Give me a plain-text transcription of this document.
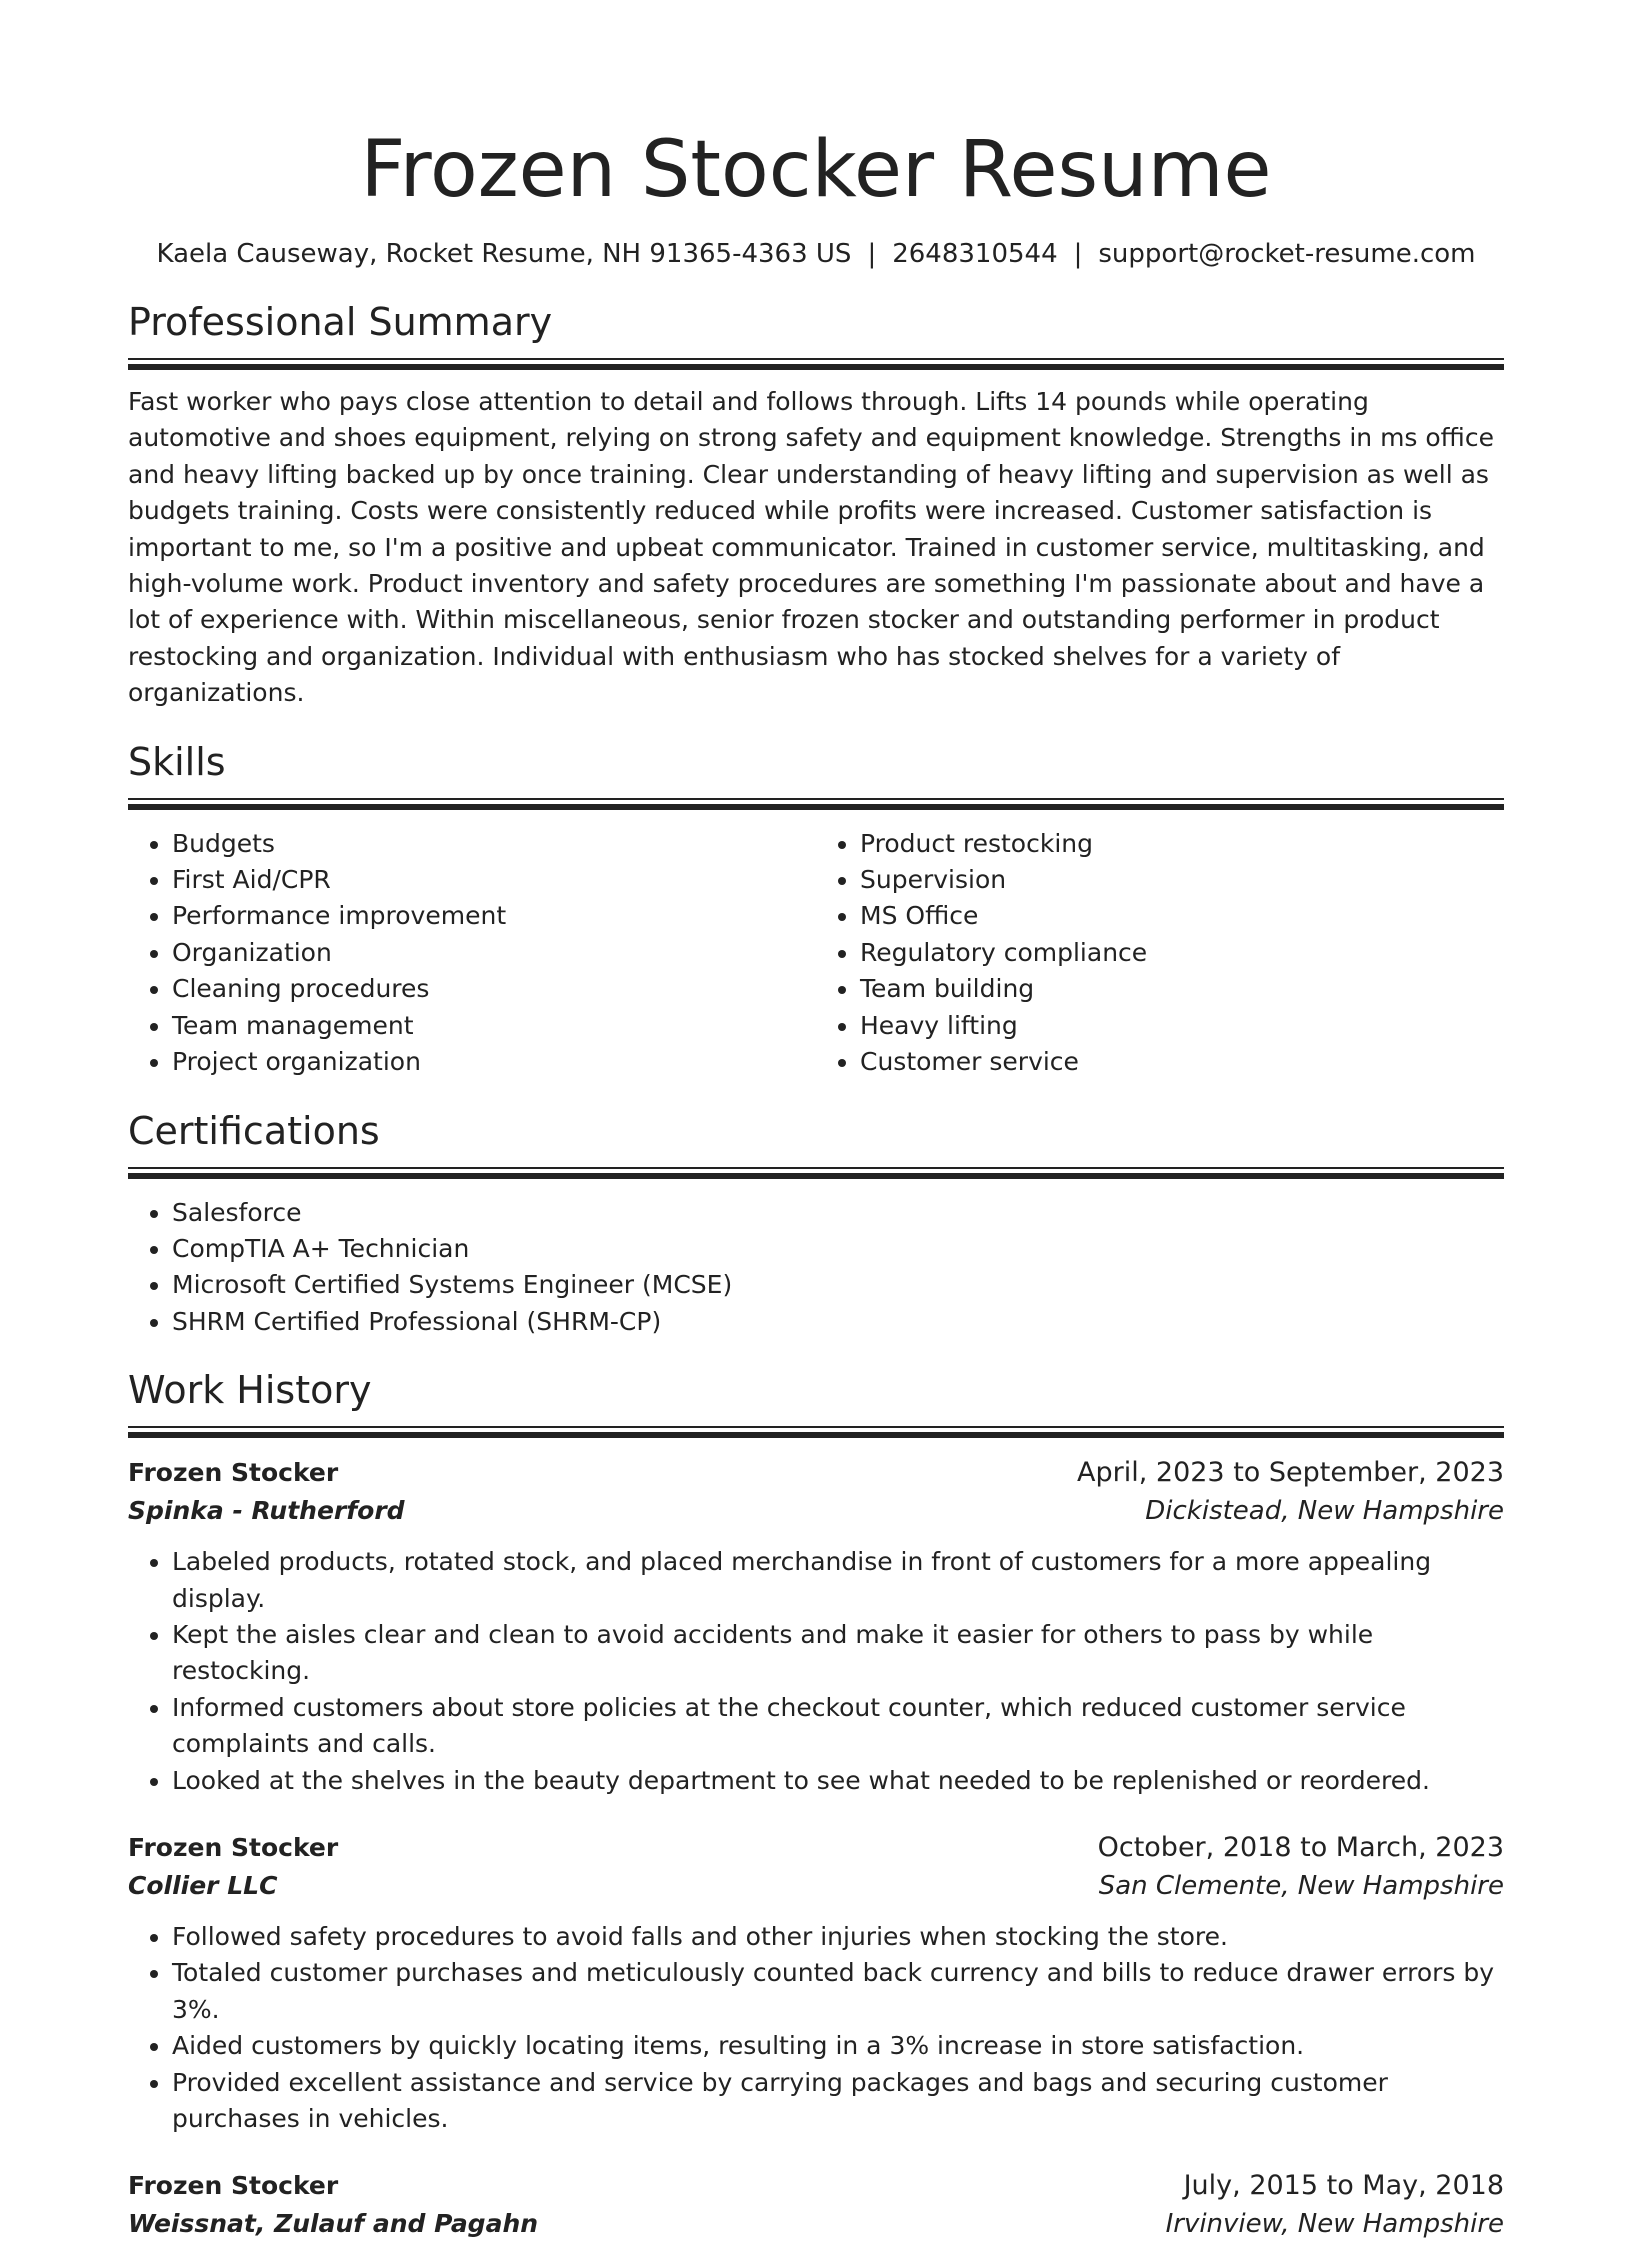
Frozen Stocker Resume
Kaela Causeway, Rocket Resume, NH 91365-4363 US | 2648310544 | support@rocket-resume.com
Professional Summary

Fast worker who pays close attention to detail and follows through. Lifts 14 pounds while operating automotive and shoes equipment, relying on strong safety and equipment knowledge. Strengths in ms office and heavy lifting backed up by once training. Clear understanding of heavy lifting and supervision as well as budgets training. Costs were consistently reduced while profits were increased. Customer satisfaction is important to me, so I'm a positive and upbeat communicator. Trained in customer service, multitasking, and high-volume work. Product inventory and safety procedures are something I'm passionate about and have a lot of experience with. Within miscellaneous, senior frozen stocker and outstanding performer in product restocking and organization. Individual with enthusiasm who has stocked shelves for a variety of organizations.

Skills
• Budgets
• First Aid/CPR
• Performance improvement
• Organization
• Cleaning procedures
• Team management
• Project organization
• Product restocking
• Supervision
• MS Office
• Regulatory compliance
• Team building
• Heavy lifting
• Customer service
Certifications
• Salesforce
• CompTIA A+ Technician
• Microsoft Certified Systems Engineer (MCSE)
• SHRM Certified Professional (SHRM-CP)
Work History
Frozen Stocker	April, 2023 to September, 2023
Spinka - Rutherford	Dickistead, New Hampshire
• Labeled products, rotated stock, and placed merchandise in front of customers for a more appealing display.
• Kept the aisles clear and clean to avoid accidents and make it easier for others to pass by while restocking.
• Informed customers about store policies at the checkout counter, which reduced customer service complaints and calls.
• Looked at the shelves in the beauty department to see what needed to be replenished or reordered.
Frozen Stocker	October, 2018 to March, 2023
Collier LLC	San Clemente, New Hampshire
• Followed safety procedures to avoid falls and other injuries when stocking the store.
• Totaled customer purchases and meticulously counted back currency and bills to reduce drawer errors by 3%.
• Aided customers by quickly locating items, resulting in a 3% increase in store satisfaction.
• Provided excellent assistance and service by carrying packages and bags and securing customer purchases in vehicles.
Frozen Stocker	July, 2015 to May, 2018
Weissnat, Zulauf and Pagahn	Irvinview, New Hampshire
